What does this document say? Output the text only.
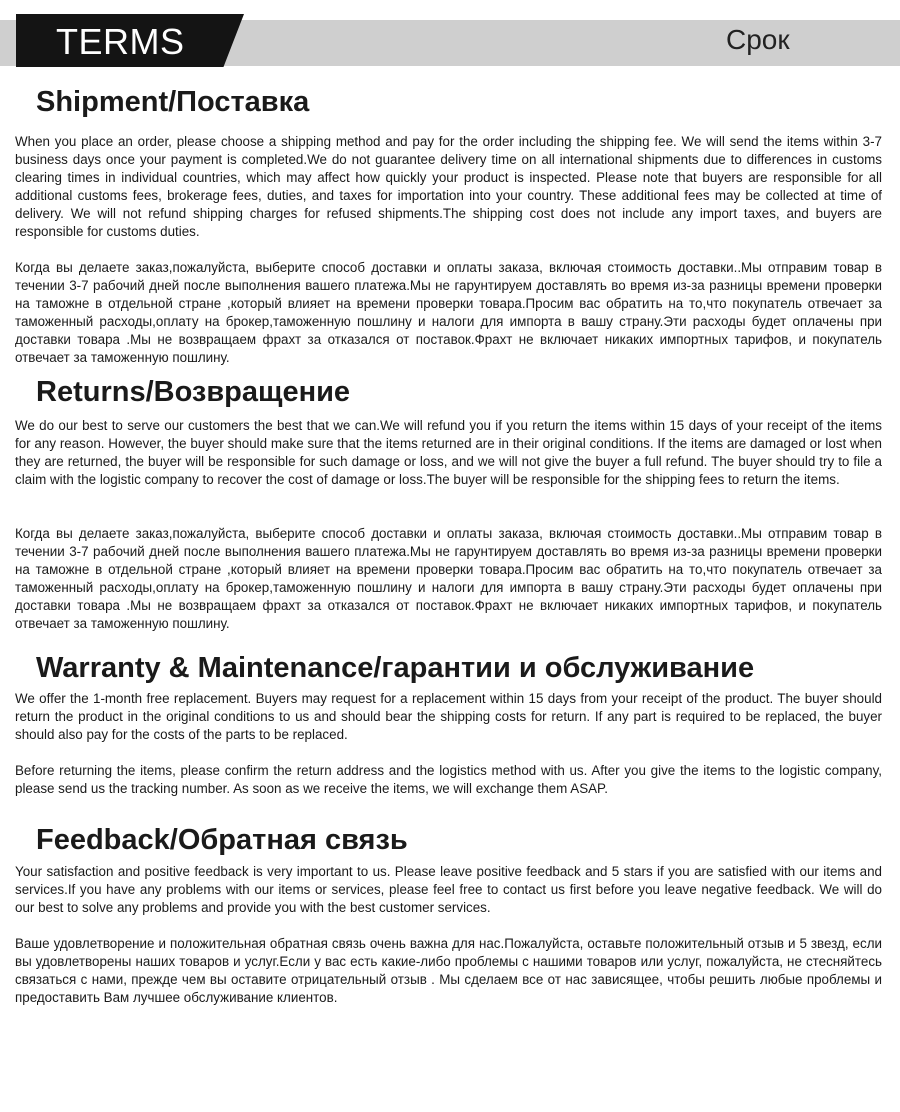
TERMS	Срок
Shipment/Поставка

When you place an order, please choose a shipping method and pay for the order including the shipping fee. We will send the items within 3-7 business days once your payment is completed.We do not guarantee delivery time on all international shipments due to differences in customs clearing times in individual countries, which may affect how quickly your product is inspected. Please note that buyers are responsible for all additional customs fees, brokerage fees, duties, and taxes for importation into your country. These additional fees may be collected at time of delivery. We will not refund shipping charges for refused shipments.The shipping cost does not include any import taxes, and buyers are responsible for customs duties.

Когда вы делаете заказ,пожалуйста, выберите способ доставки и оплаты заказа, включая стоимость доставки..Мы отправим товар в течении 3-7 рабочий дней после выполнения вашего платежа.Мы не гарунтируем доставлять во время из-за разницы времени проверки на таможне в отдельной стране ,который влияет на времени проверки товара.Просим вас обратить на то,что покупатель отвечает за таможенный расходы,оплату на брокер,таможенную пошлину и налоги для импорта в вашу страну.Эти расходы будет оплачены при доставки товара .Мы не возвращаем фрахт за отказался от поставок.Фрахт не включает никаких импортных тарифов, и покупатель отвечает за таможенную пошлину.

Returns/Возвращение

We do our best to serve our customers the best that we can.We will refund you if you return the items within 15 days of your receipt of the items for any reason. However, the buyer should make sure that the items returned are in their original conditions. If the items are damaged or lost when they are returned, the buyer will be responsible for such damage or loss, and we will not give the buyer a full refund. The buyer should try to file a claim with the logistic company to recover the cost of damage or loss.The buyer will be responsible for the shipping fees to return the items.

Когда вы делаете заказ,пожалуйста, выберите способ доставки и оплаты заказа, включая стоимость доставки..Мы отправим товар в течении 3-7 рабочий дней после выполнения вашего платежа.Мы не гарунтируем доставлять во время из-за разницы времени проверки на таможне в отдельной стране ,который влияет на времени проверки товара.Просим вас обратить на то,что покупатель отвечает за таможенный расходы,оплату на брокер,таможенную пошлину и налоги для импорта в вашу страну.Эти расходы будет оплачены при доставки товара .Мы не возвращаем фрахт за отказался от поставок.Фрахт не включает никаких импортных тарифов, и покупатель отвечает за таможенную пошлину.

Warranty & Maintenance/гарантии и обслуживание

We offer the 1-month free replacement. Buyers may request for a replacement within 15 days from your receipt of the product. The buyer should return the product in the original conditions to us and should bear the shipping costs for return. If any part is required to be replaced, the buyer should also pay for the costs of the parts to be replaced.

Before returning the items, please confirm the return address and the logistics method with us. After you give the items to the logistic company, please send us the tracking number. As soon as we receive the items, we will exchange them ASAP.

Feedback/Обратная связь

Your satisfaction and positive feedback is very important to us. Please leave positive feedback and 5 stars if you are satisfied with our items and services.If you have any problems with our items or services, please feel free to contact us first before you leave negative feedback. We will do our best to solve any problems and provide you with the best customer services.

Ваше удовлетворение и положительная обратная связь очень важна для нас.Пожалуйста, оставьте положительный отзыв и 5 звезд, если вы удовлетворены наших товаров и услуг.Если у вас есть какие-либо проблемы с нашими товаров или услуг, пожалуйста, не стесняйтесь связаться с нами, прежде чем вы оставите отрицательный отзыв . Мы сделаем все от нас зависящее, чтобы решить любые проблемы и предоставить Вам лучшее обслуживание клиентов.
